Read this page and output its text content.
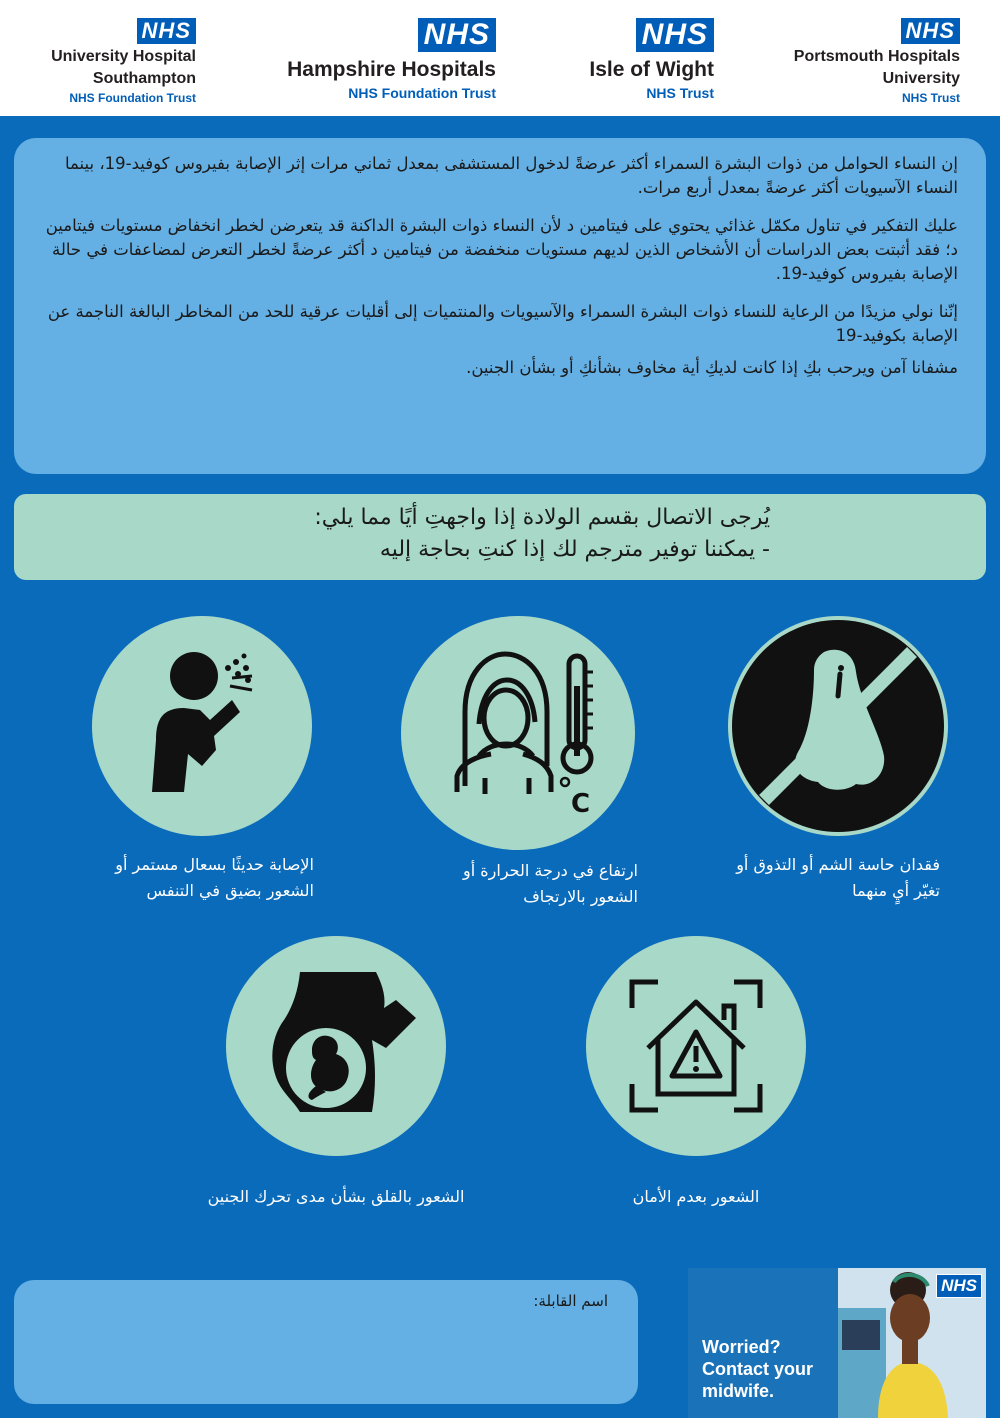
NHS
University Hospital
Southampton
NHS Foundation Trust
NHS
Hampshire Hospitals
NHS Foundation Trust
NHS
Isle of Wight
NHS Trust
NHS
Portsmouth Hospitals
University
NHS Trust

إن النساء الحوامل من ذوات البشرة السمراء أكثر عرضةً لدخول المستشفى بمعدل ثماني مرات إثر الإصابة بفيروس كوفيد-19، بينما النساء الآسيويات أكثر عرضةً بمعدل أربع مرات.

عليك التفكير في تناول مكمّل غذائي يحتوي على فيتامين د لأن النساء ذوات البشرة الداكنة قد يتعرضن لخطر انخفاض مستويات فيتامين د؛ فقد أثبتت بعض الدراسات أن الأشخاص الذين لديهم مستويات منخفضة من فيتامين د أكثر عرضةً لخطر التعرض لمضاعفات في حالة الإصابة بفيروس كوفيد-19.

إنّنا نولي مزيدًا من الرعاية للنساء ذوات البشرة السمراء والآسيويات والمنتميات إلى أقليات عرقية للحد من المخاطر البالغة الناجمة عن الإصابة بكوفيد-19

مشفانا آمن ويرحب بكِ إذا كانت لديكِ أية مخاوف بشأنكِ أو بشأن الجنين.

يُرجى الاتصال بقسم الولادة إذا واجهتِ أيًا مما يلي:
- يمكننا توفير مترجم لك إذا كنتِ بحاجة إليه
الإصابة حديثًا بسعال مستمر أو
الشعور بضيق في التنفس
C
ارتفاع في درجة الحرارة أو
الشعور بالارتجاف
فقدان حاسة الشم أو التذوق أو
تغيّر أيٍ منهما
الشعور بالقلق بشأن مدى تحرك الجنين	الشعور بعدم الأمان
اسم القابلة:
NHS
Worried?
Contact your
midwife.
